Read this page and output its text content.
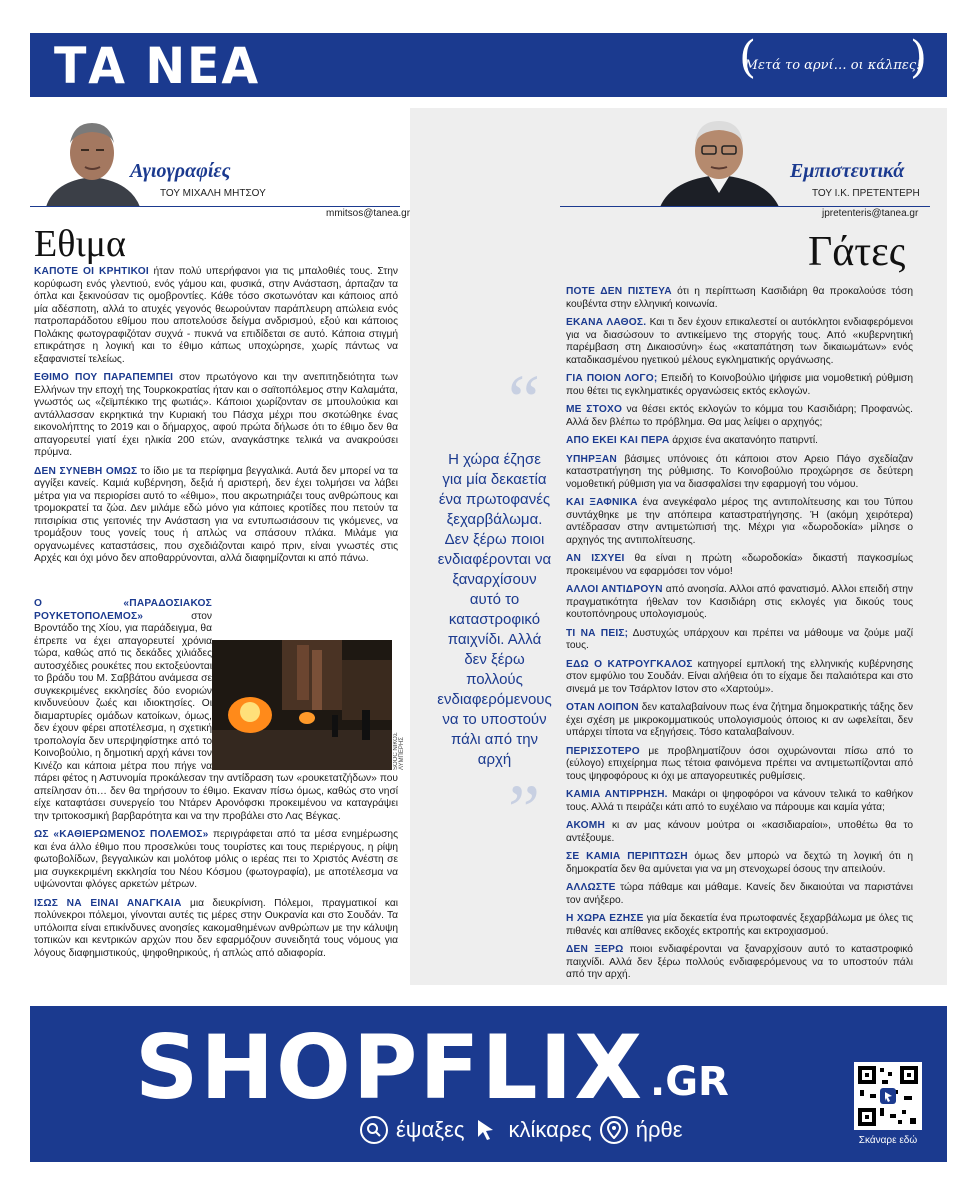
ΤΑ ΝΕΑ	(
Μετά το αρνί… οι κάλπες!
)
Αγιογραφίες
ΤΟΥ ΜΙΧΑΛΗ ΜΗΤΣΟΥ
mmitsos@tanea.gr
Εθιμα

ΚΑΠΟΤΕ ΟΙ ΚΡΗΤΙΚΟΙ ήταν πολύ υπερήφανοι για τις μπαλοθιές τους. Στην κορύφωση ενός γλεντιού, ενός γάμου και, φυσικά, στην Ανάσταση, άρπαζαν τα όπλα και ξεκινούσαν τις ομοβροντίες. Κάθε τόσο σκοτωνόταν και κάποιος από μία αδέσποτη, αλλά το ατυχές γεγονός θεωρούνταν παράπλευρη απώλεια ενός πατροπαράδοτου εθίμου που αποτελούσε δείγμα ανδρισμού, εξού και κάποιος Πολάκης φωτογραφιζόταν συχνά - πυκνά να επιδίδεται σε αυτό. Κάποια στιγμή επικράτησε η λογική και το έθιμο κάπως υποχώρησε, χωρίς πάντως να εξαφανιστεί τελείως.

ΕΘΙΜΟ ΠΟΥ ΠΑΡΑΠΕΜΠΕΙ στον πρωτόγονο και την ανεπιτηδειότητα των Ελλήνων την εποχή της Τουρκοκρατίας ήταν και ο σαϊτοπόλεμος στην Καλαμάτα, γνωστός ως «ζεϊμπέκικο της φωτιάς». Κάποιοι χωρίζονταν σε μπουλούκια και αντάλλασσαν εκρηκτικά την Κυριακή του Πάσχα μέχρι που σκοτώθηκε ένας εικονολήπτης το 2019 και ο δήμαρχος, αφού πρώτα δήλωσε ότι το έθιμο δεν θα απαγορευτεί γιατί έχει ηλικία 200 ετών, αναγκάστηκε τελικά να ανακρούσει πρύμνα.

ΔΕΝ ΣΥΝΕΒΗ ΟΜΩΣ το ίδιο με τα περίφημα βεγγαλικά. Αυτά δεν μπορεί να τα αγγίξει κανείς. Καμιά κυβέρνηση, δεξιά ή αριστερή, δεν έχει τολμήσει να λάβει μέτρα για να περιορίσει αυτό το «έθιμο», που ακρωτηριάζει τους ανθρώπους και τρομοκρατεί τα ζώα. Δεν μιλάμε εδώ μόνο για κάποιες κροτίδες που πετούν τα πιτσιρίκια στις γειτονιές την Ανάσταση για να εντυπωσιάσουν τις γκόμενες, να τρομάξουν τους γονείς τους ή απλώς να σπάσουν πλάκα. Μιλάμε για οργανωμένες καταστάσεις, που σχεδιάζονται καιρό πριν, είναι γνωστές στις Αρχές και όχι μόνο δεν αποθαρρύνονται, αλλά διαφημίζονται κι από πάνω.

SOOC ΝΙΚΟΣ ΛΥΜΠΕΡΗΣ

Ο «ΠΑΡΑΔΟΣΙΑΚΟΣ ΡΟΥΚΕΤΟΠΟΛΕΜΟΣ» στον Βροντάδο της Χίου, για παράδειγμα, θα έπρεπε να έχει απαγορευτεί χρόνια τώρα, καθώς από τις δεκάδες χιλιάδες αυτοσχέδιες ρουκέτες που εκτοξεύονται το βράδυ του Μ. Σαββάτου ανάμεσα σε συγκεκριμένες εκκλησίες δύο ενοριών κινδυνεύουν ζωές και ιδιοκτησίες. Οι διαμαρτυρίες ομάδων κατοίκων, όμως, δεν έχουν φέρει αποτέλεσμα, η σχετική τροπολογία δεν υπερψηφίστηκε από το Κοινοβούλιο, η δημοτική αρχή κάνει τον Κινέζο και κάποια μέτρα που πήγε να πάρει φέτος η Αστυνομία προκάλεσαν την αντίδραση των «ρουκετατζήδων» που απείλησαν ότι… δεν θα τηρήσουν το έθιμο. Εκαναν πίσω όμως, καθώς στο νησί είχε καταφτάσει συνεργείο του Ντάρεν Αρονόφσκι προκειμένου να καταγράψει την τριτοκοσμική βαρβαρότητα και να την προβάλει στο Λας Βέγκας.

ΩΣ «ΚΑΘΙΕΡΩΜΕΝΟΣ ΠΟΛΕΜΟΣ» περιγράφεται από τα μέσα ενημέρωσης και ένα άλλο έθιμο που προσελκύει τους τουρίστες και τους περιέργους, η ρίψη φωτοβολίδων, βεγγαλικών και μολότοφ μόλις ο ιερέας πει το Χριστός Ανέστη σε μια συγκεκριμένη εκκλησία του Νέου Κόσμου (φωτογραφία), με αποτέλεσμα να υψώνονται φλόγες αρκετών μέτρων.

ΙΣΩΣ ΝΑ ΕΙΝΑΙ ΑΝΑΓΚΑΙΑ μια διευκρίνιση. Πόλεμοι, πραγματικοί και πολύνεκροι πόλεμοι, γίνονται αυτές τις μέρες στην Ουκρανία και στο Σουδάν. Τα υπόλοιπα είναι επικίνδυνες ανοησίες κακομαθημένων ανθρώπων με την κάλυψη τοπικών και κεντρικών αρχών που δεν εφαρμόζουν συνειδητά τους νόμους για λόγους διαφημιστικούς, ψηφοθηρικούς, ή απλώς από αδιαφορία.

Εμπιστευτικά
ΤΟΥ Ι.Κ. ΠΡΕΤΕΝΤΕΡΗ
jpretenteris@tanea.gr
Γάτες
“
Η χώρα έζησε για μία δεκαετία ένα πρωτοφανές ξεχαρβάλωμα. Δεν ξέρω ποιοι ενδιαφέρονται να ξαναρχίσουν αυτό το καταστροφικό παιχνίδι. Αλλά δεν ξέρω πολλούς ενδιαφερόμενους να το υποστούν πάλι από την αρχή
”

ΠΟΤΕ ΔΕΝ ΠΙΣΤΕΥΑ ότι η περίπτωση Κασιδιάρη θα προκαλούσε τόση κουβέντα στην ελληνική κοινωνία.

ΕΚΑΝΑ ΛΑΘΟΣ. Και τι δεν έχουν επικαλεστεί οι αυτόκλητοι ενδιαφερόμενοι για να διασώσουν το αντικείμενο της στοργής τους. Από «κυβερνητική παρέμβαση στη Δικαιοσύνη» έως «καταπάτηση των δικαιωμάτων» ενός καταδικασμένου ηγετικού μέλους εγκληματικής οργάνωσης.

ΓΙΑ ΠΟΙΟΝ ΛΟΓΟ; Επειδή το Κοινοβούλιο ψήφισε μια νομοθετική ρύθμιση που θέτει τις εγκληματικές οργανώσεις εκτός εκλογών.

ΜΕ ΣΤΟΧΟ να θέσει εκτός εκλογών το κόμμα του Κασιδιάρη; Προφανώς. Αλλά δεν βλέπω το πρόβλημα. Θα μας λείψει ο αρχηγός;

ΑΠΟ ΕΚΕΙ ΚΑΙ ΠΕΡΑ άρχισε ένα ακατανόητο πατιρντί.

ΥΠΗΡΞΑΝ βάσιμες υπόνοιες ότι κάποιοι στον Αρειο Πάγο σχεδίαζαν καταστρατήγηση της ρύθμισης. Το Κοινοβούλιο προχώρησε σε δεύτερη νομοθετική ρύθμιση για να διασφαλίσει την εφαρμογή του νόμου.

ΚΑΙ ΞΑΦΝΙΚΑ ένα ανεγκέφαλο μέρος της αντιπολίτευσης και του Τύπου συντάχθηκε με την απόπειρα καταστρατήγησης. Ή (ακόμη χειρότερα) αντέδρασαν στην αντιμετώπισή της. Μέχρι για «δωροδοκία» μίλησε ο αρχηγός της αντιπολίτευσης.

ΑΝ ΙΣΧΥΕΙ θα είναι η πρώτη «δωροδοκία» δικαστή παγκοσμίως προκειμένου να εφαρμόσει τον νόμο!

ΑΛΛΟΙ ΑΝΤΙΔΡΟΥΝ από ανοησία. Αλλοι από φανατισμό. Αλλοι επειδή στην πραγματικότητα ήθελαν τον Κασιδιάρη στις εκλογές για δικούς τους κουτοπόνηρους υπολογισμούς.

ΤΙ ΝΑ ΠΕΙΣ; Δυστυχώς υπάρχουν και πρέπει να μάθουμε να ζούμε μαζί τους.

ΕΔΩ Ο ΚΑΤΡΟΥΓΚΑΛΟΣ κατηγορεί εμπλοκή της ελληνικής κυβέρνησης στον εμφύλιο του Σουδάν. Είναι αλήθεια ότι το είχαμε δει παλαιότερα και στο σινεμά με τον Τσάρλτον Ιστον στο «Χαρτούμ».

ΟΤΑΝ ΛΟΙΠΟΝ δεν καταλαβαίνουν πως ένα ζήτημα δημοκρατικής τάξης δεν έχει σχέση με μικροκομματικούς υπολογισμούς όποιος κι αν ωφελείται, δεν υπάρχει τίποτα να εξηγήσεις. Τόσο καταλαβαίνουν.

ΠΕΡΙΣΣΟΤΕΡΟ με προβληματίζουν όσοι οχυρώνονται πίσω από το (εύλογο) επιχείρημα πως τέτοια φαινόμενα πρέπει να αντιμετωπίζονται από τους ψηφοφόρους κι όχι με απαγορευτικές ρυθμίσεις.

ΚΑΜΙΑ ΑΝΤΙΡΡΗΣΗ. Μακάρι οι ψηφοφόροι να κάνουν τελικά το καθήκον τους. Αλλά τι πειράζει κάτι από το ευχέλαιο να πάρουμε και καμία γάτα;

ΑΚΟΜΗ κι αν μας κάνουν μούτρα οι «κασιδιαραίοι», υποθέτω θα το αντέξουμε.

ΣΕ ΚΑΜΙΑ ΠΕΡΙΠΤΩΣΗ όμως δεν μπορώ να δεχτώ τη λογική ότι η δημοκρατία δεν θα αμύνεται για να μη στενοχωρεί όσους την απειλούν.

ΑΛΛΩΣΤΕ τώρα πάθαμε και μάθαμε. Κανείς δεν δικαιούται να παριστάνει τον ανήξερο.

Η ΧΩΡΑ ΕΖΗΣΕ για μία δεκαετία ένα πρωτοφανές ξεχαρβάλωμα με όλες τις πιθανές και απίθανες εκδοχές εκτροπής και εκτροχιασμού.

ΔΕΝ ΞΕΡΩ ποιοι ενδιαφέρονται να ξαναρχίσουν αυτό το καταστροφικό παιχνίδι. Αλλά δεν ξέρω πολλούς ενδιαφερόμενους να το υποστούν πάλι από την αρχή.

SHOPFLIX .GR
έψαξες κλίκαρες ήρθε	Σκάναρε εδώ
